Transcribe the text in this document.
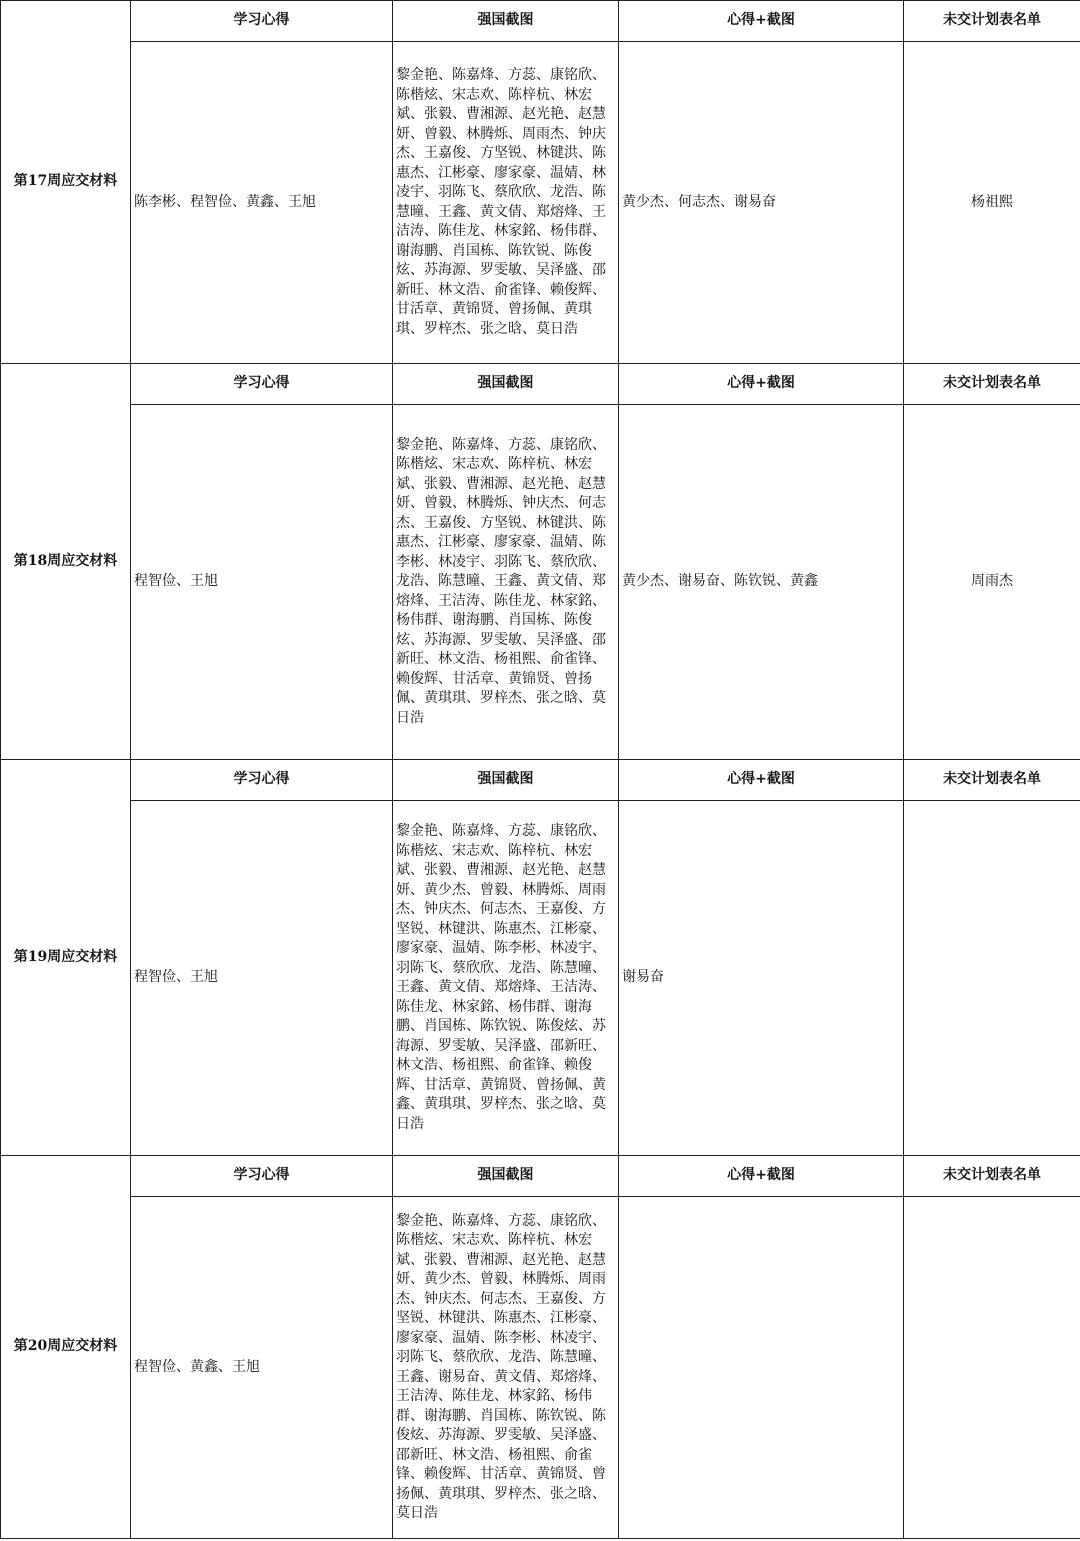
第17周应交材料	学习心得	强国截图	心得+截图	未交计划表名单
	陈李彬、程智俭、黄鑫、王旭	黎金艳、陈嘉烽、方蕊、康铭欣、陈楷炫、宋志欢、陈梓杭、林宏斌、张毅、曹湘源、赵光艳、赵慧妍、曾毅、林腾烁、周雨杰、钟庆杰、王嘉俊、方坚锐、林键洪、陈惠杰、江彬豪、廖家豪、温婧、林凌宇、羽陈飞、蔡欣欣、龙浩、陈慧曈、王鑫、黄文倩、郑熔烽、王洁涛、陈佳龙、林家銘、杨伟群、谢海鹏、肖国栋、陈钦锐、陈俊炫、苏海源、罗雯敏、吴泽盛、邵新旺、林文浩、俞雀锋、赖俊辉、甘活章、黄锦贤、曾扬佩、黄琪琪、罗梓杰、张之晗、莫日浩	黄少杰、何志杰、谢易奋	杨祖熙
第18周应交材料	学习心得	强国截图	心得+截图	未交计划表名单
	程智俭、王旭	黎金艳、陈嘉烽、方蕊、康铭欣、陈楷炫、宋志欢、陈梓杭、林宏斌、张毅、曹湘源、赵光艳、赵慧妍、曾毅、林腾烁、钟庆杰、何志杰、王嘉俊、方坚锐、林键洪、陈惠杰、江彬豪、廖家豪、温婧、陈李彬、林凌宇、羽陈飞、蔡欣欣、龙浩、陈慧曈、王鑫、黄文倩、郑熔烽、王洁涛、陈佳龙、林家銘、杨伟群、谢海鹏、肖国栋、陈俊炫、苏海源、罗雯敏、吴泽盛、邵新旺、林文浩、杨祖熙、俞雀锋、赖俊辉、甘活章、黄锦贤、曾扬佩、黄琪琪、罗梓杰、张之晗、莫日浩	黄少杰、谢易奋、陈钦锐、黄鑫	周雨杰
第19周应交材料	学习心得	强国截图	心得+截图	未交计划表名单
	程智俭、王旭	黎金艳、陈嘉烽、方蕊、康铭欣、陈楷炫、宋志欢、陈梓杭、林宏斌、张毅、曹湘源、赵光艳、赵慧妍、黄少杰、曾毅、林腾烁、周雨杰、钟庆杰、何志杰、王嘉俊、方坚锐、林键洪、陈惠杰、江彬豪、廖家豪、温婧、陈李彬、林凌宇、羽陈飞、蔡欣欣、龙浩、陈慧曈、王鑫、黄文倩、郑熔烽、王洁涛、陈佳龙、林家銘、杨伟群、谢海鹏、肖国栋、陈钦锐、陈俊炫、苏海源、罗雯敏、吴泽盛、邵新旺、林文浩、杨祖熙、俞雀锋、赖俊辉、甘活章、黄锦贤、曾扬佩、黄鑫、黄琪琪、罗梓杰、张之晗、莫日浩	谢易奋	
第20周应交材料	学习心得	强国截图	心得+截图	未交计划表名单
	程智俭、黄鑫、王旭	黎金艳、陈嘉烽、方蕊、康铭欣、陈楷炫、宋志欢、陈梓杭、林宏斌、张毅、曹湘源、赵光艳、赵慧妍、黄少杰、曾毅、林腾烁、周雨杰、钟庆杰、何志杰、王嘉俊、方坚锐、林键洪、陈惠杰、江彬豪、廖家豪、温婧、陈李彬、林凌宇、羽陈飞、蔡欣欣、龙浩、陈慧曈、王鑫、谢易奋、黄文倩、郑熔烽、王洁涛、陈佳龙、林家銘、杨伟群、谢海鹏、肖国栋、陈钦锐、陈俊炫、苏海源、罗雯敏、吴泽盛、邵新旺、林文浩、杨祖熙、俞雀锋、赖俊辉、甘活章、黄锦贤、曾扬佩、黄琪琪、罗梓杰、张之晗、莫日浩		
